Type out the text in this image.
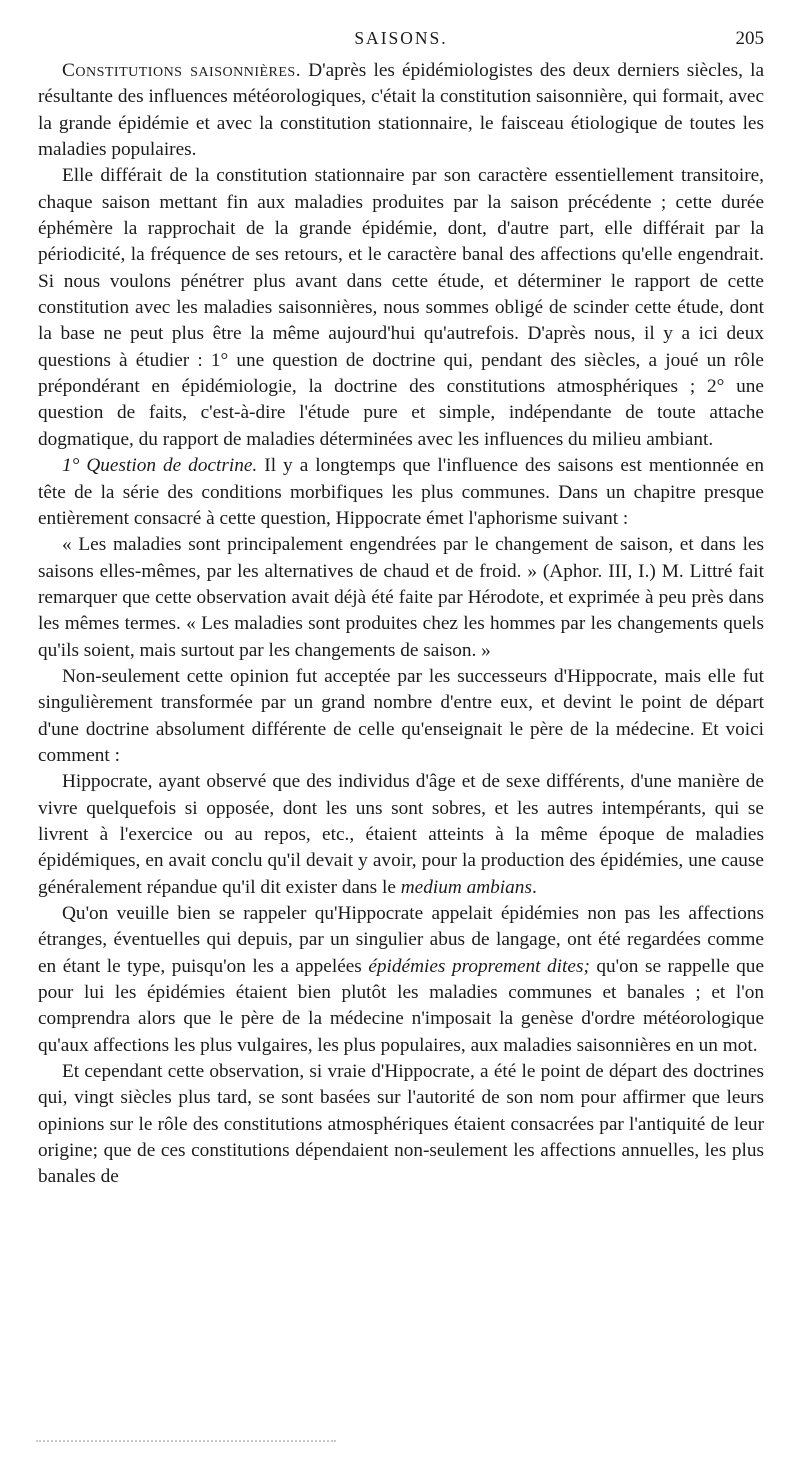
SAISONS.	205

Constitutions saisonnières. D'après les épidémiologistes des deux derniers siècles, la résultante des influences météorologiques, c'était la constitution saisonnière, qui formait, avec la grande épidémie et avec la constitution stationnaire, le faisceau étiologique de toutes les maladies populaires.

Elle différait de la constitution stationnaire par son caractère essentiellement transitoire, chaque saison mettant fin aux maladies produites par la saison précédente ; cette durée éphémère la rapprochait de la grande épidémie, dont, d'autre part, elle différait par la périodicité, la fréquence de ses retours, et le caractère banal des affections qu'elle engendrait. Si nous voulons pénétrer plus avant dans cette étude, et déterminer le rapport de cette constitution avec les maladies saisonnières, nous sommes obligé de scinder cette étude, dont la base ne peut plus être la même aujourd'hui qu'autrefois. D'après nous, il y a ici deux questions à étudier : 1° une question de doctrine qui, pendant des siècles, a joué un rôle prépondérant en épidémiologie, la doctrine des constitutions atmosphériques ; 2° une question de faits, c'est-à-dire l'étude pure et simple, indépendante de toute attache dogmatique, du rapport de maladies déterminées avec les influences du milieu ambiant.

1° Question de doctrine. Il y a longtemps que l'influence des saisons est mentionnée en tête de la série des conditions morbifiques les plus communes. Dans un chapitre presque entièrement consacré à cette question, Hippocrate émet l'aphorisme suivant :

« Les maladies sont principalement engendrées par le changement de saison, et dans les saisons elles-mêmes, par les alternatives de chaud et de froid. » (Aphor. III, I.) M. Littré fait remarquer que cette observation avait déjà été faite par Hérodote, et exprimée à peu près dans les mêmes termes. « Les maladies sont produites chez les hommes par les changements quels qu'ils soient, mais surtout par les changements de saison. »

Non-seulement cette opinion fut acceptée par les successeurs d'Hippocrate, mais elle fut singulièrement transformée par un grand nombre d'entre eux, et devint le point de départ d'une doctrine absolument différente de celle qu'enseignait le père de la médecine. Et voici comment :

Hippocrate, ayant observé que des individus d'âge et de sexe différents, d'une manière de vivre quelquefois si opposée, dont les uns sont sobres, et les autres intempérants, qui se livrent à l'exercice ou au repos, etc., étaient atteints à la même époque de maladies épidémiques, en avait conclu qu'il devait y avoir, pour la production des épidémies, une cause généralement répandue qu'il dit exister dans le medium ambians.

Qu'on veuille bien se rappeler qu'Hippocrate appelait épidémies non pas les affections étranges, éventuelles qui depuis, par un singulier abus de langage, ont été regardées comme en étant le type, puisqu'on les a appelées épidémies proprement dites; qu'on se rappelle que pour lui les épidémies étaient bien plutôt les maladies communes et banales ; et l'on comprendra alors que le père de la médecine n'imposait la genèse d'ordre météorologique qu'aux affections les plus vulgaires, les plus populaires, aux maladies saisonnières en un mot.

Et cependant cette observation, si vraie d'Hippocrate, a été le point de départ des doctrines qui, vingt siècles plus tard, se sont basées sur l'autorité de son nom pour affirmer que leurs opinions sur le rôle des constitutions atmosphériques étaient consacrées par l'antiquité de leur origine; que de ces constitutions dépendaient non-seulement les affections annuelles, les plus banales de
